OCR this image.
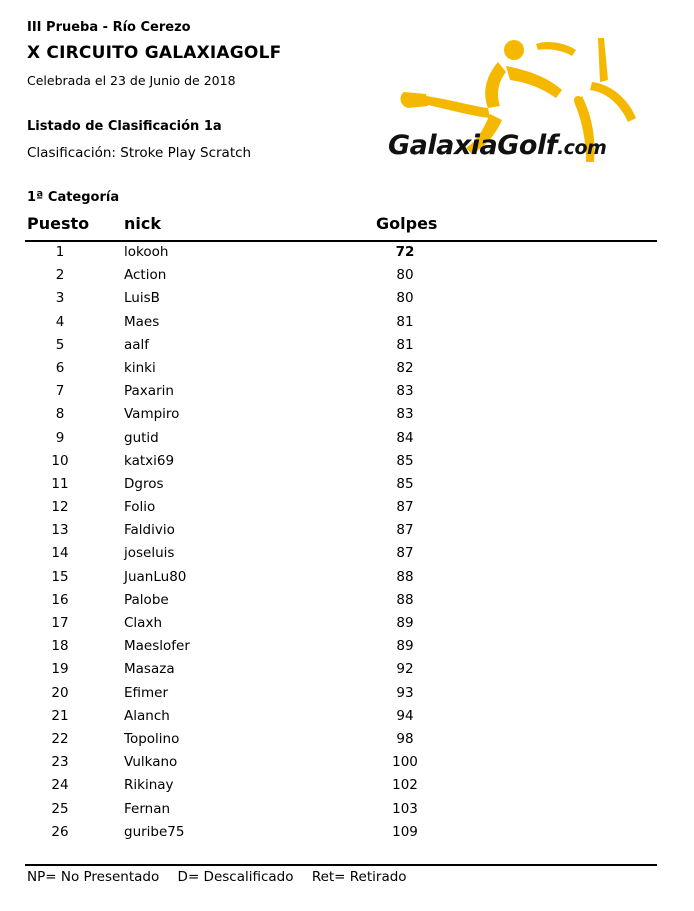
III Prueba - Río Cerezo
X CIRCUITO GALAXIAGOLF
Celebrada el 23 de Junio de 2018
Listado de Clasificación 1a
Clasificación: Stroke Play Scratch	GalaxiaGolf.com
1ª Categoría
Puesto nick	Golpes
1	lokooh	72
2	Action	80
3	LuisB	80
4	Maes	81
5	aalf	81
6	kinki	82
7	Paxarin	83
8	Vampiro	83
9	gutid	84
10	katxi69	85
11	Dgros	85
12	Folio	87
13	Faldivio	87
14	joseluis	87
15	JuanLu80	88
16	Palobe	88
17	Claxh	89
18	Maeslofer	89
19	Masaza	92
20	Efimer	93
21	Alanch	94
22	Topolino	98
23	Vulkano	100
24	Rikinay	102
25	Fernan	103
26	guribe75	109
NP= No Presentado D= Descalificado Ret= Retirado
